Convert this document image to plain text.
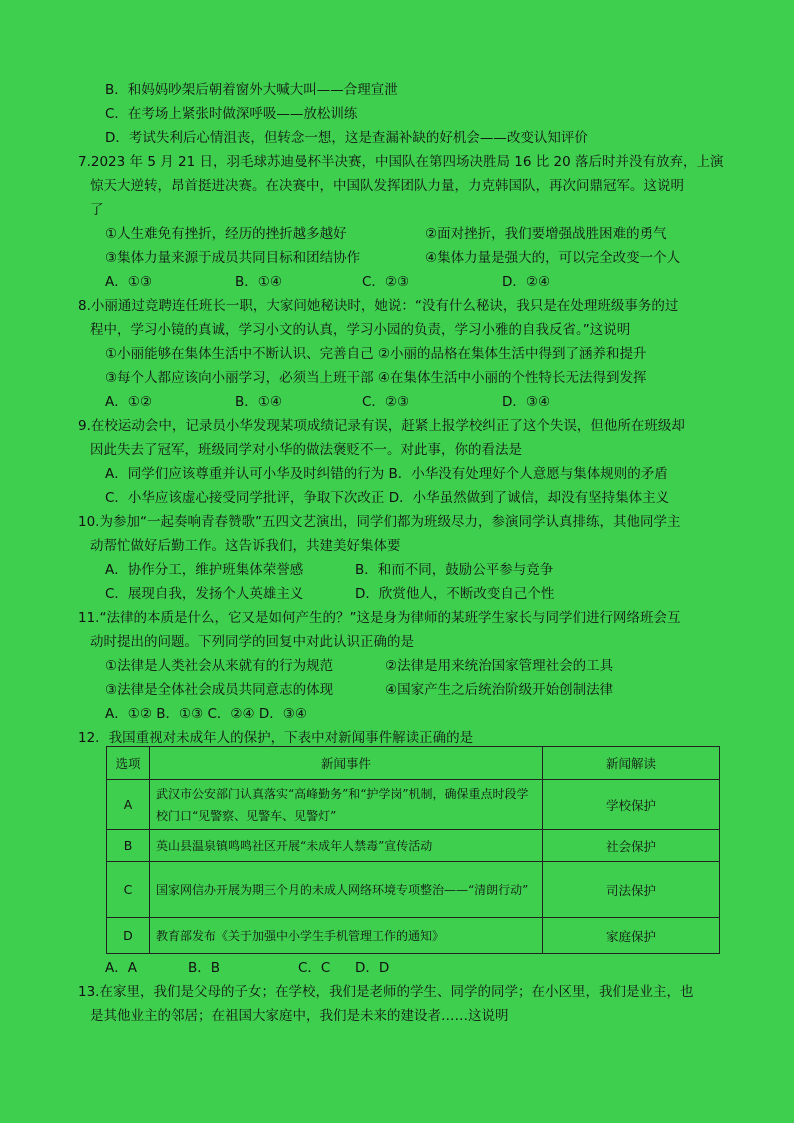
B．和妈妈吵架后朝着窗外大喊大叫——合理宣泄
C．在考场上紧张时做深呼吸——放松训练
D．考试失利后心情沮丧，但转念一想，这是查漏补缺的好机会——改变认知评价
7.2023 年 5 月 21 日，羽毛球苏迪曼杯半决赛，中国队在第四场决胜局 16 比 20 落后时并没有放弃，上演
惊天大逆转，昂首挺进决赛。在决赛中，中国队发挥团队力量，力克韩国队，再次问鼎冠军。这说明
了
①人生难免有挫折，经历的挫折越多越好	②面对挫折，我们要增强战胜困难的勇气
③集体力量来源于成员共同目标和团结协作	④集体力量是强大的，可以完全改变一个人
A．①③	B．①④	C．②③	D．②④
8.小丽通过竞聘连任班长一职，大家问她秘诀时，她说：“没有什么秘诀，我只是在处理班级事务的过
程中，学习小镜的真诚，学习小文的认真，学习小园的负责，学习小雅的自我反省。”这说明
①小丽能够在集体生活中不断认识、完善自己 ②小丽的品格在集体生活中得到了涵养和提升
③每个人都应该向小丽学习，必须当上班干部 ④在集体生活中小丽的个性特长无法得到发挥
A．①②	B．①④	C．②③	D．③④
9.在校运动会中，记录员小华发现某项成绩记录有误，赶紧上报学校纠正了这个失误，但他所在班级却
因此失去了冠军，班级同学对小华的做法褒贬不一。对此事，你的看法是
A．同学们应该尊重并认可小华及时纠错的行为 B．小华没有处理好个人意愿与集体规则的矛盾
C．小华应该虚心接受同学批评，争取下次改正 D．小华虽然做到了诚信，却没有坚持集体主义
10.为参加“一起奏响青春赞歌”五四文艺演出，同学们都为班级尽力，参演同学认真排练，其他同学主
动帮忙做好后勤工作。这告诉我们，共建美好集体要
A．协作分工，维护班集体荣誉感	B．和而不同，鼓励公平参与竞争
C．展现自我，发扬个人英雄主义	D．欣赏他人，不断改变自己个性
11.“法律的本质是什么，它又是如何产生的？”这是身为律师的某班学生家长与同学们进行网络班会互
动时提出的问题。下列同学的回复中对此认识正确的是
①法律是人类社会从来就有的行为规范	②法律是用来统治国家管理社会的工具
③法律是全体社会成员共同意志的体现	④国家产生之后统治阶级开始创制法律
A．①② B．①③ C．②④ D．③④
12．我国重视对未成年人的保护，下表中对新闻事件解读正确的是
A．A	B．B	C．C D．D
13.在家里，我们是父母的子女；在学校，我们是老师的学生、同学的同学；在小区里，我们是业主，也
是其他业主的邻居；在祖国大家庭中，我们是未来的建设者……这说明
选项	新闻事件	新闻解读
A	武汉市公安部门认真落实“高峰勤务”和“护学岗”机制，确保重点时段学校门口“见警察、见警车、见警灯”	学校保护
B	英山县温泉镇鸣鸣社区开展“未成年人禁毒”宣传活动	社会保护
C	国家网信办开展为期三个月的未成人网络环境专项整治——“清朗行动”	司法保护
D	教育部发布《关于加强中小学生手机管理工作的通知》	家庭保护
